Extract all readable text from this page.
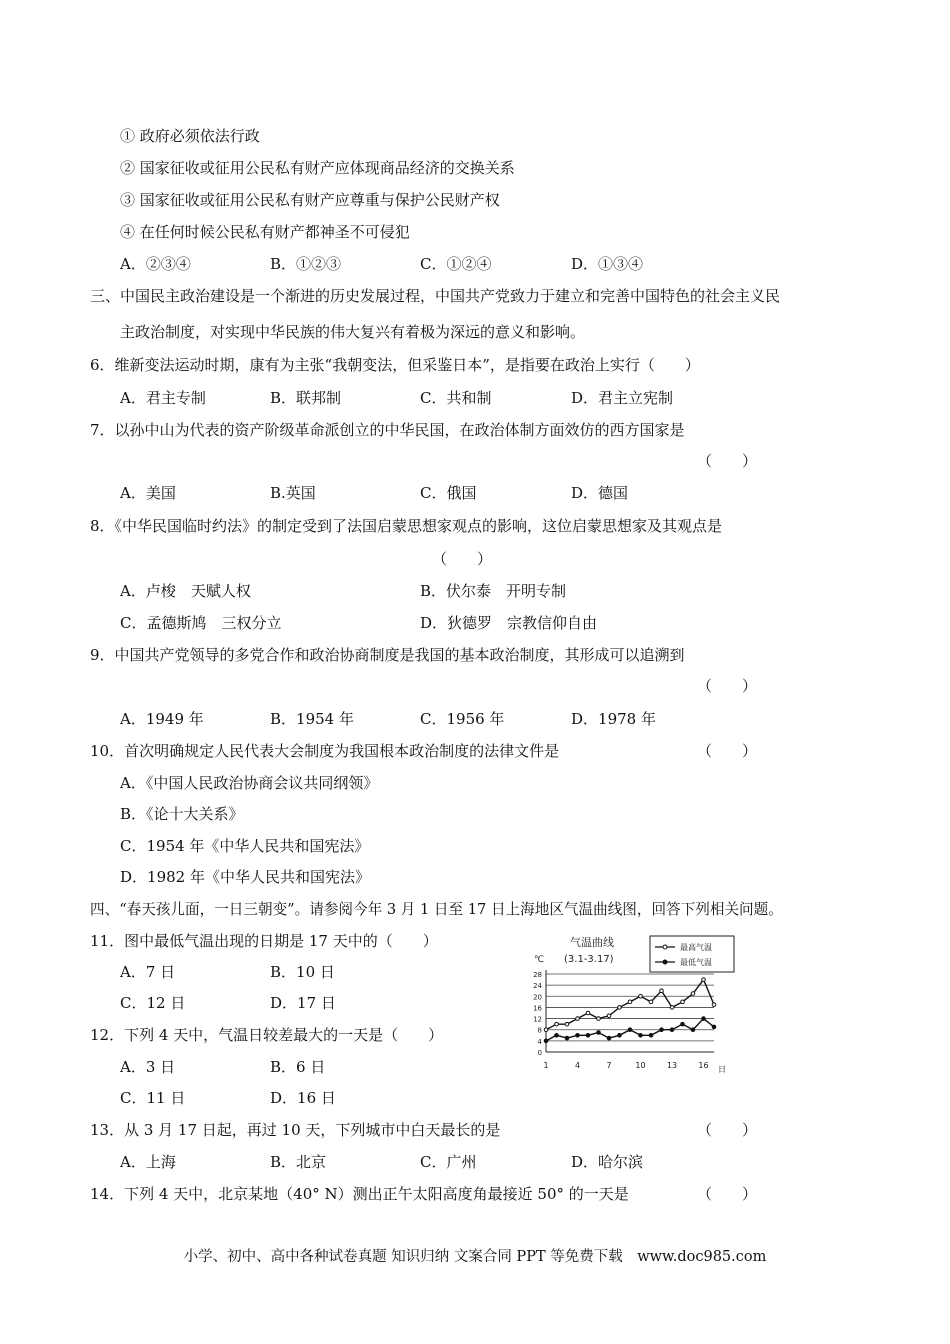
① 政府必须依法行政
② 国家征收或征用公民私有财产应体现商品经济的交换关系
③ 国家征收或征用公民私有财产应尊重与保护公民财产权
④ 在任何时候公民私有财产都神圣不可侵犯
A．②③④	B．①②③	C．①②④	D．①③④
三、中国民主政治建设是一个渐进的历史发展过程，中国共产党致力于建立和完善中国特色的社会主义民
主政治制度，对实现中华民族的伟大复兴有着极为深远的意义和影响。
6．维新变法运动时期，康有为主张“我朝变法，但采鉴日本”，是指要在政治上实行（　　）
A．君主专制	B．联邦制	C．共和制	D．君主立宪制
7．以孙中山为代表的资产阶级革命派创立的中华民国，在政治体制方面效仿的西方国家是
（　　）
A．美国	B.英国	C．俄国	D．德国
8．《中华民国临时约法》的制定受到了法国启蒙思想家观点的影响，这位启蒙思想家及其观点是
（　　）
A．卢梭　天赋人权	B．伏尔泰　开明专制
C．孟德斯鸠　三权分立	D．狄德罗　宗教信仰自由
9．中国共产党领导的多党合作和政治协商制度是我国的基本政治制度，其形成可以追溯到
（　　）
A．1949 年	B．1954 年	C．1956 年	D．1978 年
10．首次明确规定人民代表大会制度为我国根本政治制度的法律文件是	（　　）
A．《中国人民政治协商会议共同纲领》
B．《论十大关系》
C．1954 年《中华人民共和国宪法》
D．1982 年《中华人民共和国宪法》
四、“春天孩儿面，一日三朝变”。请参阅今年 3 月 1 日至 17 日上海地区气温曲线图，回答下列相关问题。
11．图中最低气温出现的日期是 17 天中的（　　）
A．7 日	B．10 日
C．12 日	D．17 日
12．下列 4 天中，气温日较差最大的一天是（　　）
A．3 日	B．6 日
C．11 日	D．16 日
0
4
8
12
16
20
24
28
1	4	7	10	13	16
最高气温
最低气温
气温曲线
(3.1-3.17)
℃
日
13．从 3 月 17 日起，再过 10 天，下列城市中白天最长的是	（　　）
A．上海	B．北京	C．广州	D．哈尔滨
14．下列 4 天中，北京某地（40° N）测出正午太阳高度角最接近 50° 的一天是	（　　）
小学、初中、高中各种试卷真题 知识归纳 文案合同 PPT 等免费下载　www.doc985.com
